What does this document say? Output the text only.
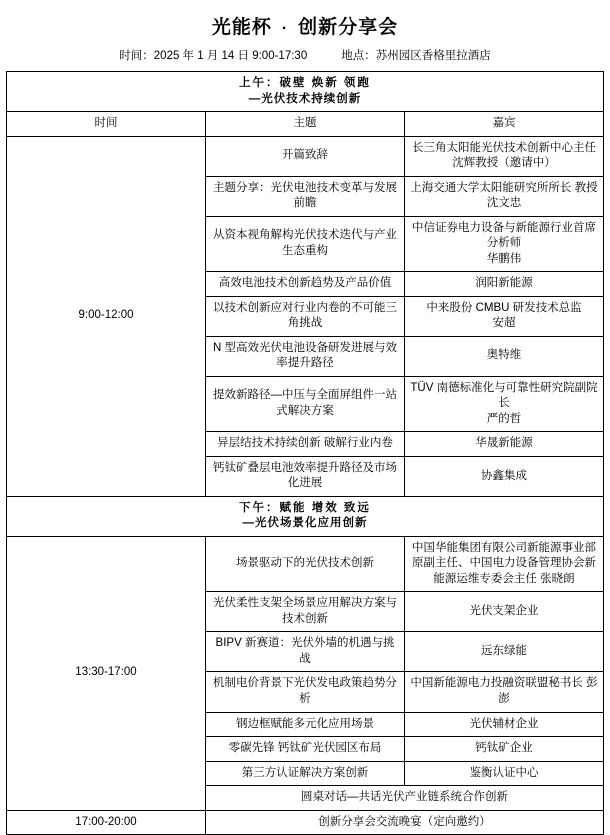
光能杯 · 创新分享会
时间：2025 年 1 月 14 日 9:00-17:30	地点：苏州园区香格里拉酒店
上午：破壁 焕新 领跑
—光伏技术持续创新		

时间	主题	嘉宾
9:00-12:00	开篇致辞	长三角太阳能光伏技术创新中心主任
沈辉教授（邀请中）
	主题分享：光伏电池技术变革与发展前瞻	上海交通大学太阳能研究所所长 教授
沈文忠
	从资本视角解构光伏技术迭代与产业生态重构	中信证券电力设备与新能源行业首席分析师
华鹏伟
	高效电池技术创新趋势及产品价值	润阳新能源
	以技术创新应对行业内卷的不可能三角挑战	中来股份 CMBU 研发技术总监
安超
	N 型高效光伏电池设备研发进展与效率提升路径	奥特维
	提效新路径—中压与全面屏组件一站式解决方案	TÜV 南德标准化与可靠性研究院副院长
严的哲
	异层结技术持续创新 破解行业内卷	华晟新能源
	钙钛矿叠层电池效率提升路径及市场化进展	协鑫集成

下午：赋能 增效 致远
—光伏场景化应用创新		

13:30-17:00	场景驱动下的光伏技术创新	中国华能集团有限公司新能源事业部原副主任、中国电力设备管理协会新能源运维专委会主任 张晓朗
	光伏柔性支架全场景应用解决方案与技术创新	光伏支架企业
	BIPV 新赛道：光伏外墙的机遇与挑战	远东绿能
	机制电价背景下光伏发电政策趋势分析	中国新能源电力投融资联盟秘书长 彭澎
	钢边框赋能多元化应用场景	光伏辅材企业
	零碳先锋 钙钛矿光伏园区布局	钙钛矿企业
	第三方认证解决方案创新	鉴衡认证中心
	圆桌对话—共话光伏产业链系统合作创新	
17:00-20:00	创新分享会交流晚宴（定向邀约）	
